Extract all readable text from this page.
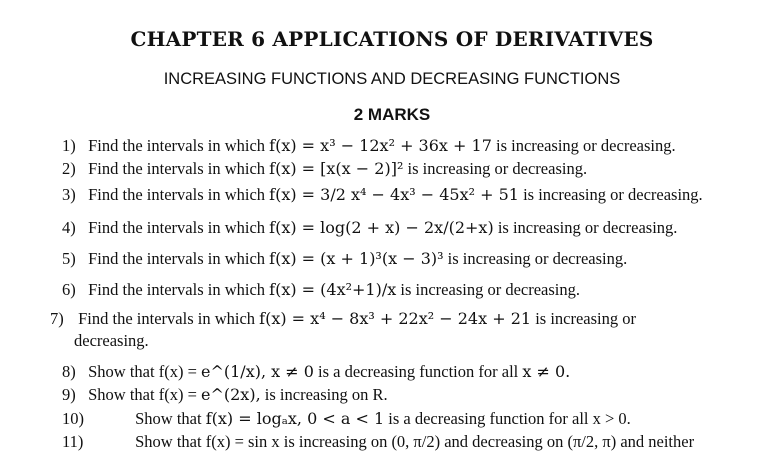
CHAPTER 6 APPLICATIONS OF DERIVATIVES
INCREASING FUNCTIONS AND DECREASING FUNCTIONS
2 MARKS
1) Find the intervals in which f(x) = x³ − 12x² + 36x + 17 is increasing or decreasing.
2) Find the intervals in which f(x) = [x(x − 2)]² is increasing or decreasing.
3) Find the intervals in which f(x) = 3/2 x⁴ − 4x³ − 45x² + 51 is increasing or decreasing.
4) Find the intervals in which f(x) = log(2 + x) − 2x/(2+x) is increasing or decreasing.
5) Find the intervals in which f(x) = (x + 1)³(x − 3)³ is increasing or decreasing.
6) Find the intervals in which f(x) = (4x²+1)/x is increasing or decreasing.
7) Find the intervals in which f(x) = x⁴ − 8x³ + 22x² − 24x + 21 is increasing or
decreasing.
8) Show that f(x) = e^(1/x), x ≠ 0 is a decreasing function for all x ≠ 0.
9) Show that f(x) = e^(2x), is increasing on R.
10)	Show that f(x) = logₐx, 0 < a < 1 is a decreasing function for all x > 0.
11)	Show that f(x) = sin x is increasing on (0, π/2) and decreasing on (π/2, π) and neither
